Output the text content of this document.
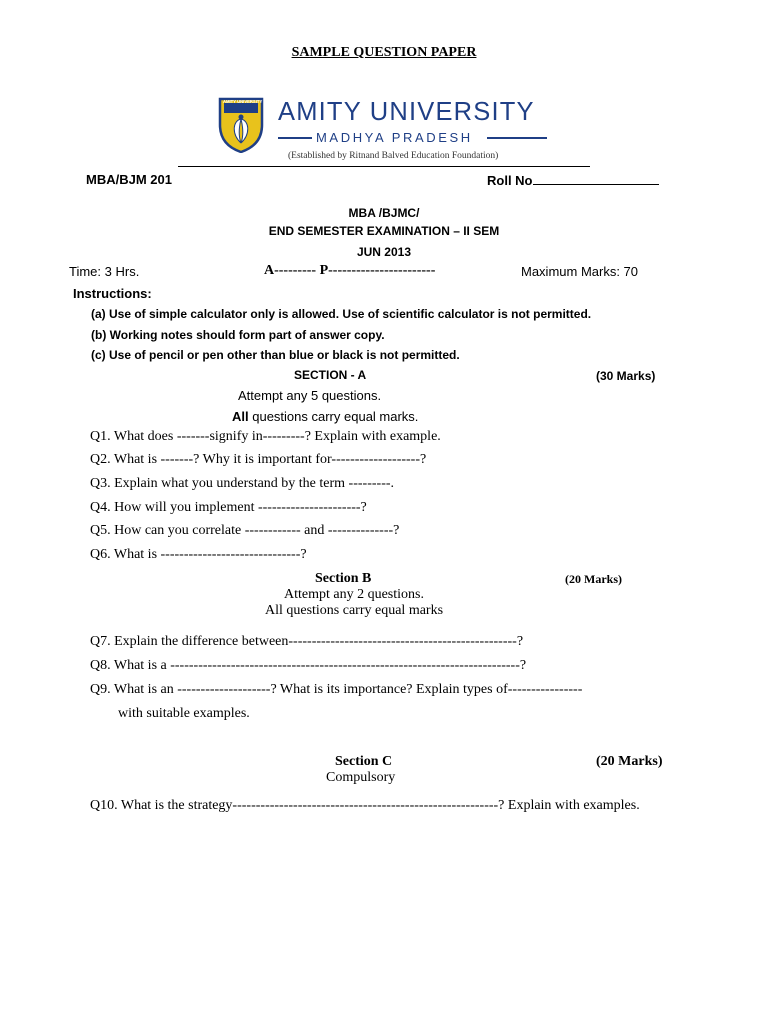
SAMPLE QUESTION PAPER
AMITY UNIVERSITY AMITY UNIVERSITY
MADHYA PRADESH
(Established by Ritnand Balved Education Foundation)
MBA/BJM 201	Roll No
MBA /BJMC/
END SEMESTER EXAMINATION – II SEM
JUN 2013
Time: 3 Hrs.	A--------- P-----------------------	Maximum Marks: 70
Instructions:
(a) Use of simple calculator only is allowed. Use of scientific calculator is not permitted.
(b) Working notes should form part of answer copy.
(c) Use of pencil or pen other than blue or black is not permitted.
SECTION - A	(30 Marks)
Attempt any 5 questions.
All questions carry equal marks.
Q1. What does -------signify in---------? Explain with example.
Q2. What is -------? Why it is important for-------------------?
Q3. Explain what you understand by the term ---------.
Q4. How will you implement ----------------------?
Q5. How can you correlate ------------ and --------------?
Q6. What is ------------------------------?
Section B	(20 Marks)
Attempt any 2 questions.
All questions carry equal marks
Q7. Explain the difference between-------------------------------------------------?
Q8. What is a ---------------------------------------------------------------------------?
Q9. What is an --------------------? What is its importance? Explain types of----------------
with suitable examples.
Section C	(20 Marks)
Compulsory
Q10. What is the strategy---------------------------------------------------------? Explain with examples.
